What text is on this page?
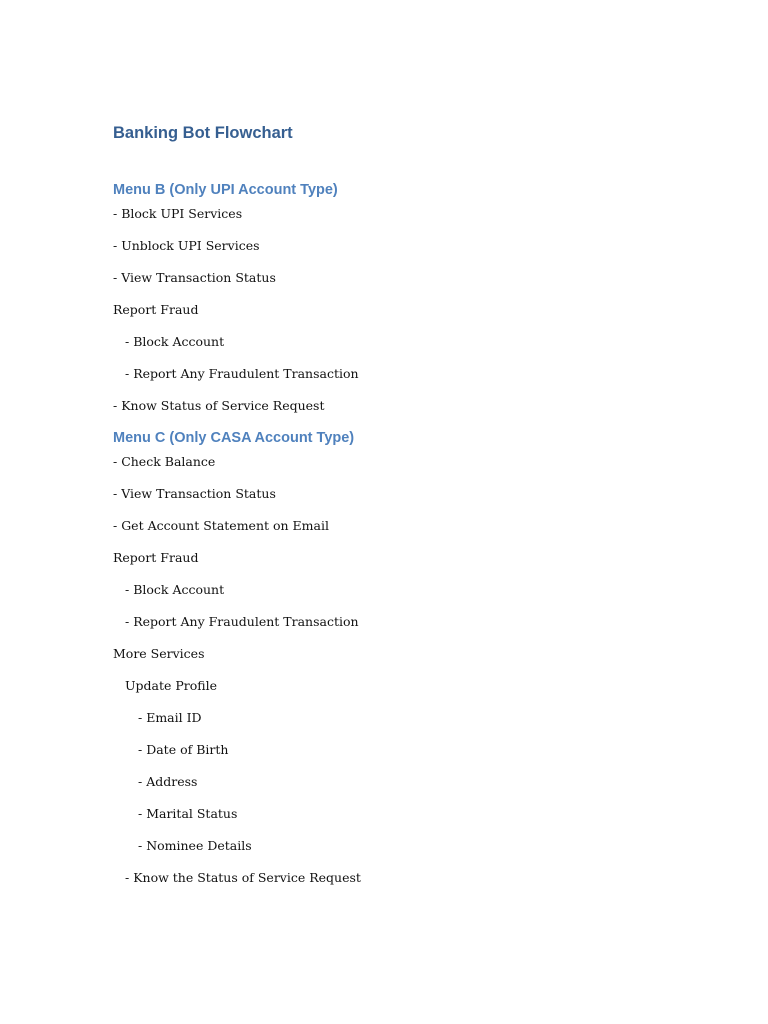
Banking Bot Flowchart
Menu B (Only UPI Account Type)
- Block UPI Services
- Unblock UPI Services
- View Transaction Status
Report Fraud
- Block Account
- Report Any Fraudulent Transaction
- Know Status of Service Request
Menu C (Only CASA Account Type)
- Check Balance
- View Transaction Status
- Get Account Statement on Email
Report Fraud
- Block Account
- Report Any Fraudulent Transaction
More Services
Update Profile
- Email ID
- Date of Birth
- Address
- Marital Status
- Nominee Details
- Know the Status of Service Request
